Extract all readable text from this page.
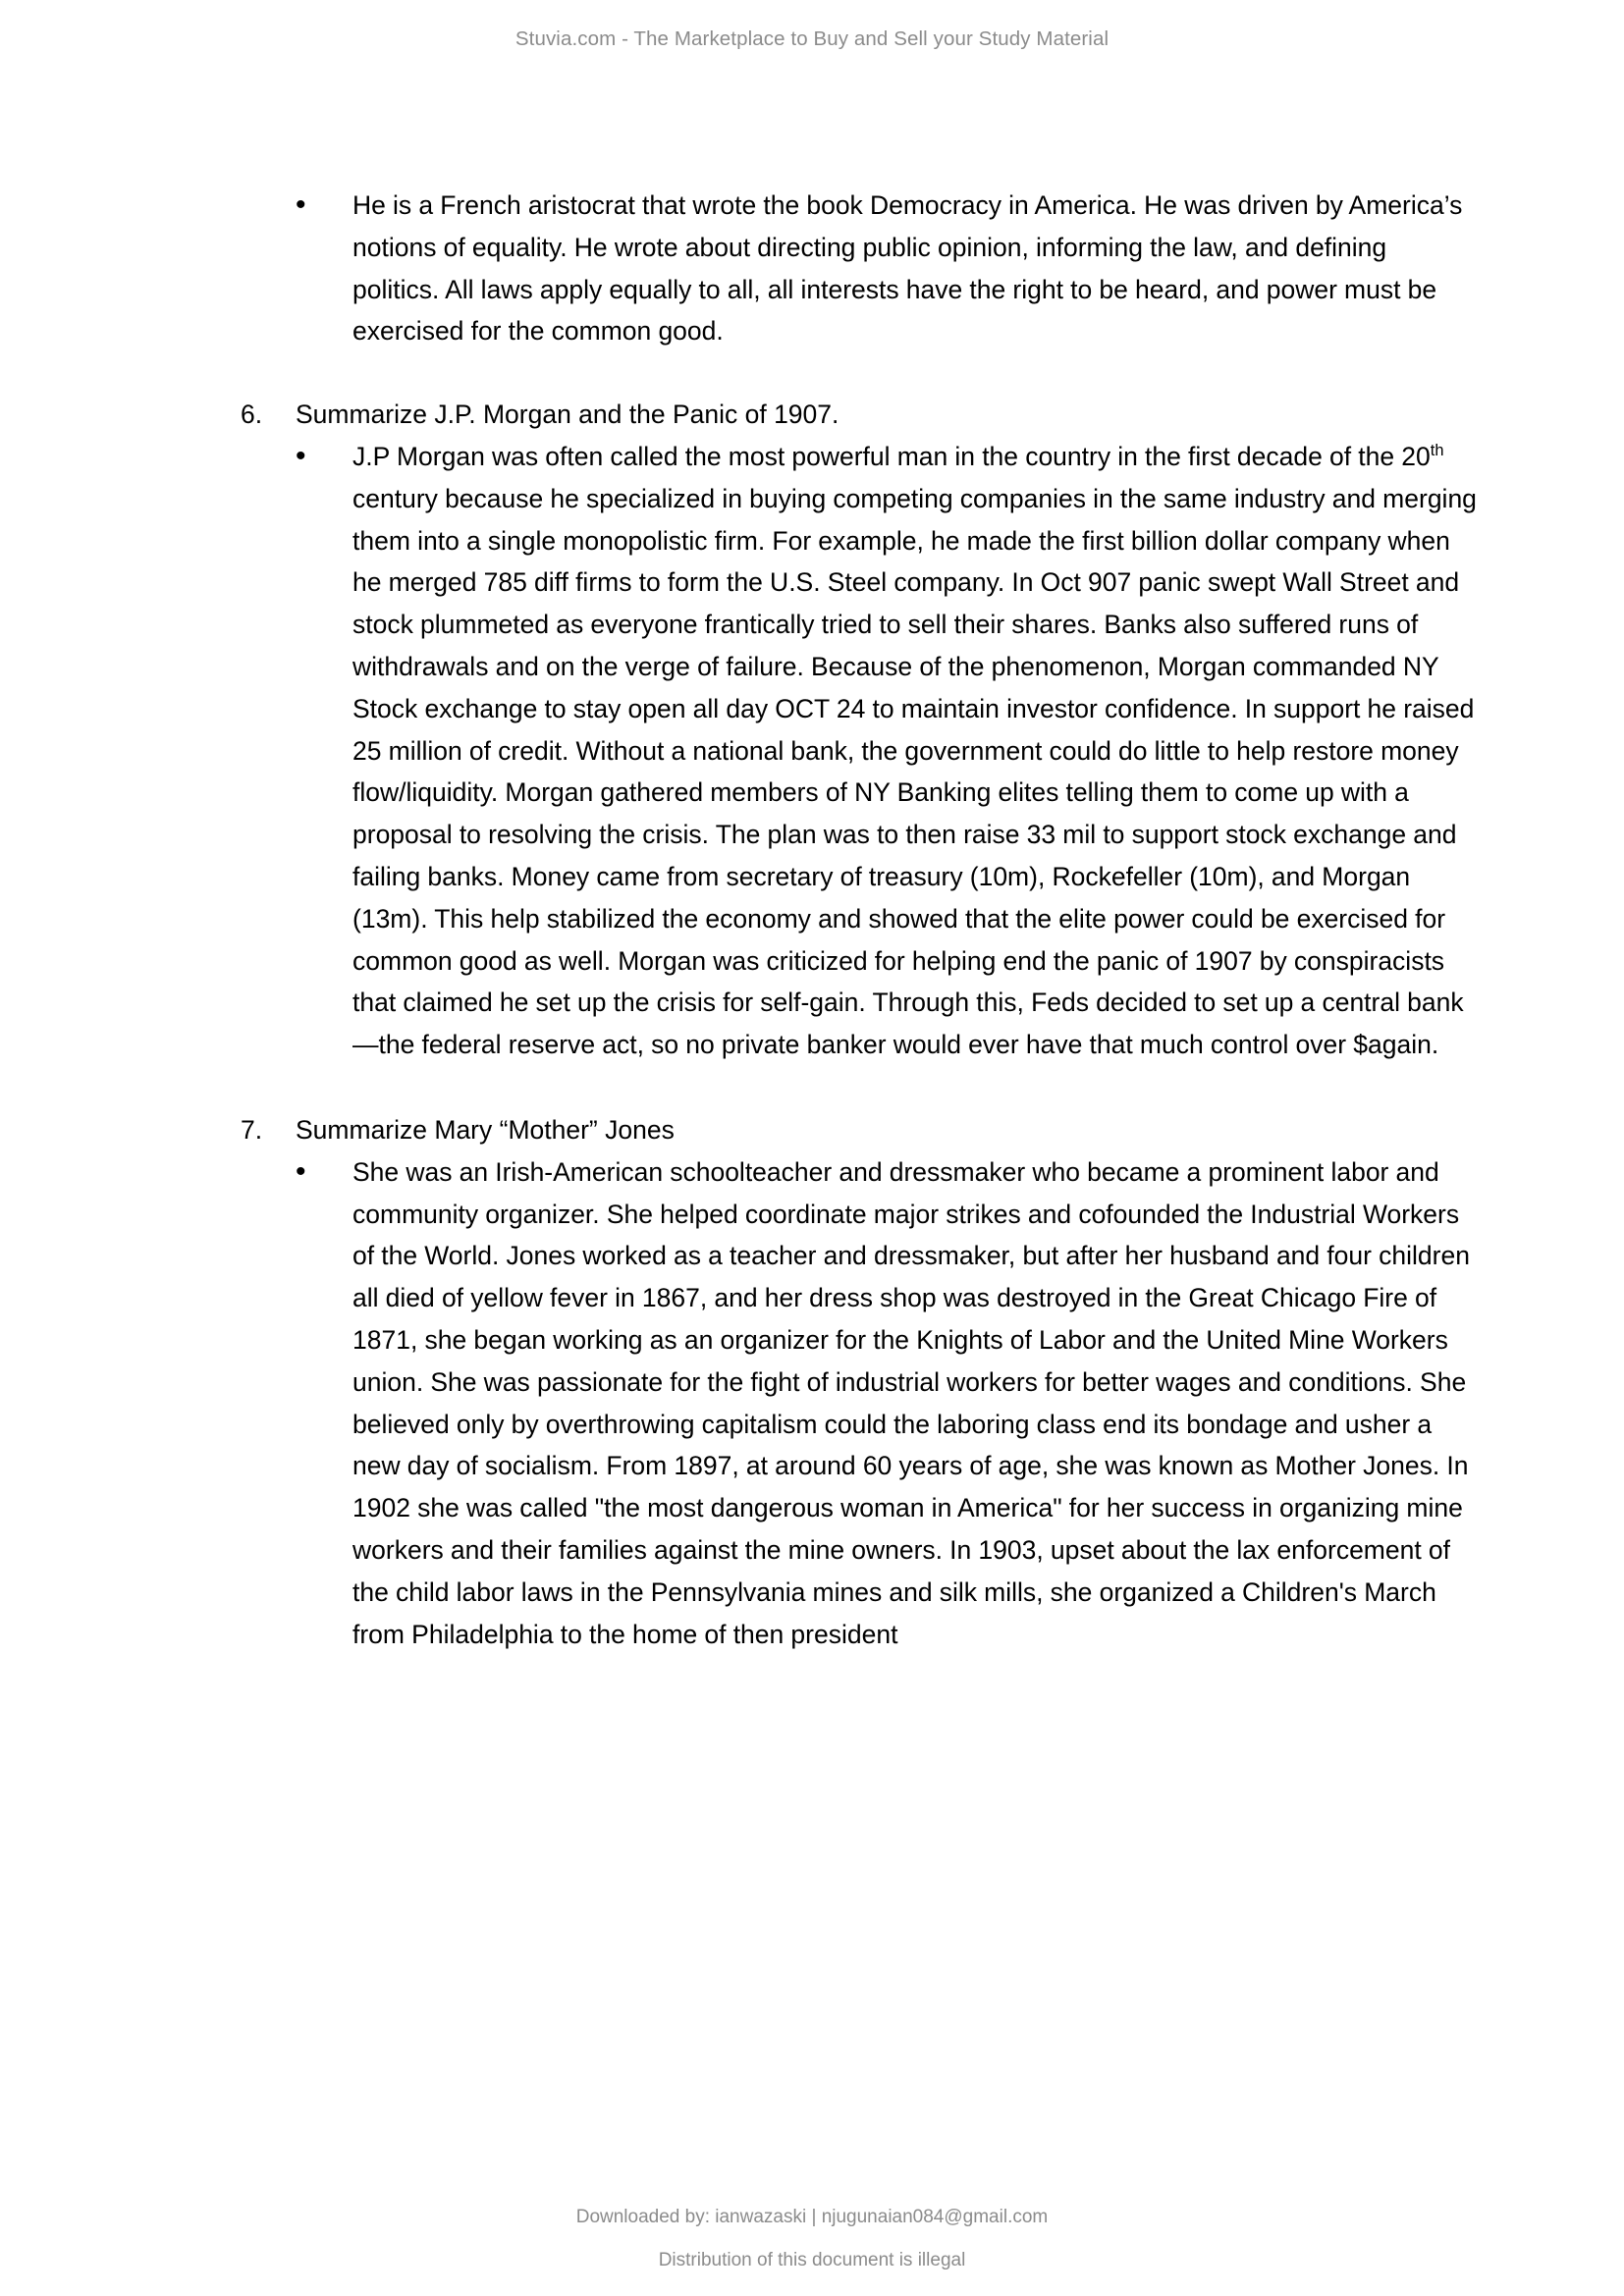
Stuvia.com - The Marketplace to Buy and Sell your Study Material
•	He is a French aristocrat that wrote the book Democracy in America. He was driven by America’s notions of equality. He wrote about directing public opinion, informing the law, and defining politics. All laws apply equally to all, all interests have the right to be heard, and power must be exercised for the common good.
6.	Summarize J.P. Morgan and the Panic of 1907.
•	J.P Morgan was often called the most powerful man in the country in the first decade of the 20th century because he specialized in buying competing companies in the same industry and merging them into a single monopolistic firm. For example, he made the first billion dollar company when he merged 785 diff firms to form the U.S. Steel company. In Oct 907 panic swept Wall Street and stock plummeted as everyone frantically tried to sell their shares. Banks also suffered runs of withdrawals and on the verge of failure. Because of the phenomenon, Morgan commanded NY Stock exchange to stay open all day OCT 24 to maintain investor confidence. In support he raised 25 million of credit. Without a national bank, the government could do little to help restore money flow/liquidity. Morgan gathered members of NY Banking elites telling them to come up with a proposal to resolving the crisis. The plan was to then raise 33 mil to support stock exchange and failing banks. Money came from secretary of treasury (10m), Rockefeller (10m), and Morgan (13m). This help stabilized the economy and showed that the elite power could be exercised for common good as well. Morgan was criticized for helping end the panic of 1907 by conspiracists that claimed he set up the crisis for self-gain. Through this, Feds decided to set up a central bank—the federal reserve act, so no private banker would ever have that much control over $again.
7.	Summarize Mary “Mother” Jones
•	She was an Irish-American schoolteacher and dressmaker who became a prominent labor and community organizer. She helped coordinate major strikes and cofounded the Industrial Workers of the World. Jones worked as a teacher and dressmaker, but after her husband and four children all died of yellow fever in 1867, and her dress shop was destroyed in the Great Chicago Fire of 1871, she began working as an organizer for the Knights of Labor and the United Mine Workers union. She was passionate for the fight of industrial workers for better wages and conditions. She believed only by overthrowing capitalism could the laboring class end its bondage and usher a new day of socialism. From 1897, at around 60 years of age, she was known as Mother Jones. In 1902 she was called "the most dangerous woman in America" for her success in organizing mine workers and their families against the mine owners. In 1903, upset about the lax enforcement of the child labor laws in the Pennsylvania mines and silk mills, she organized a Children's March from Philadelphia to the home of then president
Downloaded by: ianwazaski | njugunaian084@gmail.com
Distribution of this document is illegal
